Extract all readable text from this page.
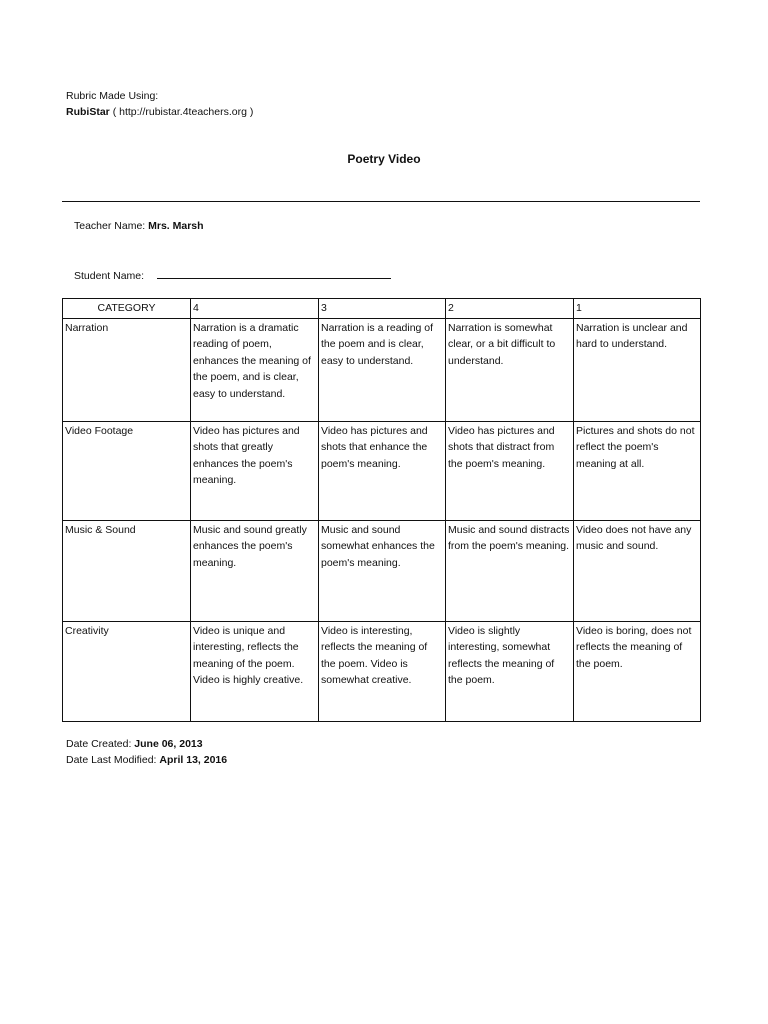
Rubric Made Using:
RubiStar ( http://rubistar.4teachers.org )
Poetry Video
Teacher Name: Mrs. Marsh
Student Name:
CATEGORY	4	3	2	1
Narration	Narration is a dramatic reading of poem, enhances the meaning of the poem, and is clear, easy to understand.	Narration is a reading of the poem and is clear, easy to understand.	Narration is somewhat clear, or a bit difficult to understand.	Narration is unclear and hard to understand.
Video Footage	Video has pictures and shots that greatly enhances the poem's meaning.	Video has pictures and shots that enhance the poem's meaning.	Video has pictures and shots that distract from the poem's meaning.	Pictures and shots do not reflect the poem's meaning at all.
Music & Sound	Music and sound greatly enhances the poem's meaning.	Music and sound somewhat enhances the poem's meaning.	Music and sound distracts from the poem's meaning.	Video does not have any music and sound.
Creativity	Video is unique and interesting, reflects the meaning of the poem. Video is highly creative.	Video is interesting, reflects the meaning of the poem. Video is somewhat creative.	Video is slightly interesting, somewhat reflects the meaning of the poem.	Video is boring, does not reflects the meaning of the poem.
Date Created: June 06, 2013
Date Last Modified: April 13, 2016
